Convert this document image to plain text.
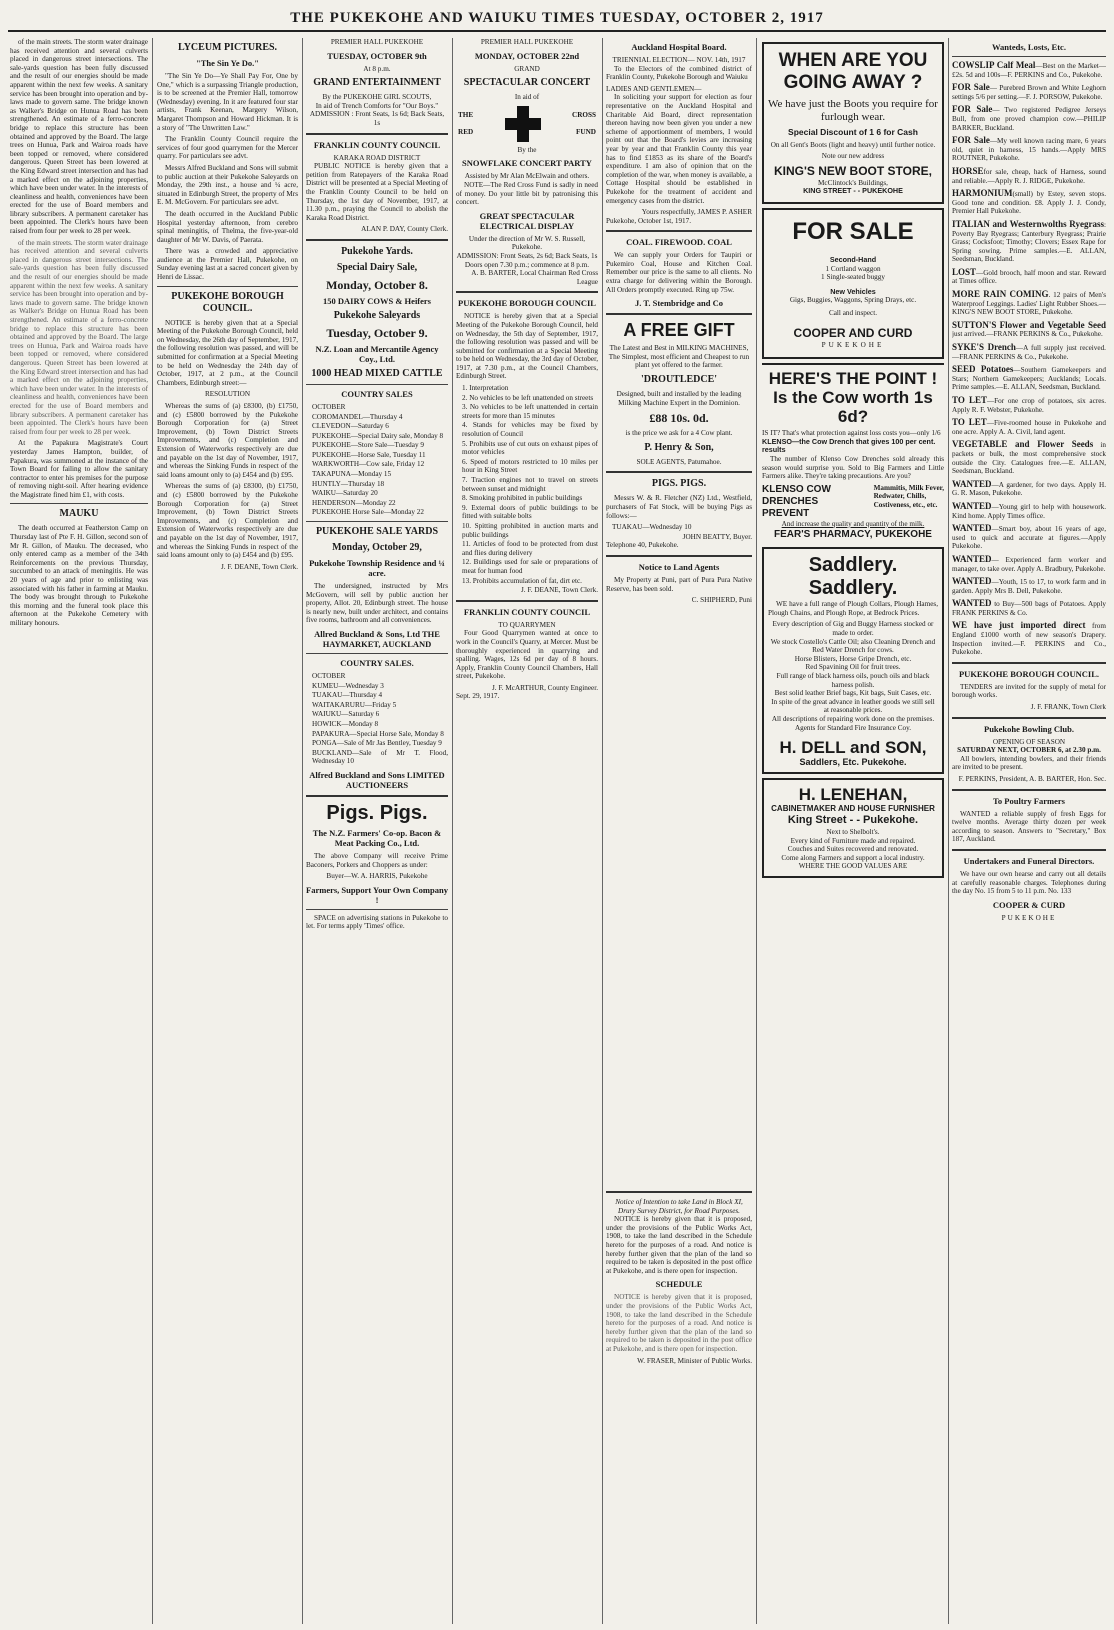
THE PUKEKOHE AND WAIUKU TIMES TUESDAY, OCTOBER 2, 1917

of the main streets. The storm water drainage has received attention and several culverts placed in dangerous street intersections. The sale-yards question has been fully discussed and the result of our energies should be made apparent within the next few weeks. A sanitary service has been brought into operation and by-laws made to govern same. The bridge known as Walker's Bridge on Hunua Road has been strengthened. An estimate of a ferro-concrete bridge to replace this structure has been obtained and approved by the Board. The large trees on Hunua, Park and Wairoa roads have been topped or removed, where considered dangerous. Queen Street has been lowered at the King Edward street intersection and has had a marked effect on the adjoining properties, which have been under water. In the interests of cleanliness and health, conveniences have been erected for the use of Board members and library subscribers. A permanent caretaker has been appointed. The Clerk's hours have been raised from four per week to 28 per week.

of the main streets. The storm water drainage has received attention and several culverts placed in dangerous street intersections. The sale-yards question has been fully discussed and the result of our energies should be made apparent within the next few weeks. A sanitary service has been brought into operation and by-laws made to govern same. The bridge known as Walker's Bridge on Hunua Road has been strengthened. An estimate of a ferro-concrete bridge to replace this structure has been obtained and approved by the Board. The large trees on Hunua, Park and Wairoa roads have been topped or removed, where considered dangerous. Queen Street has been lowered at the King Edward street intersection and has had a marked effect on the adjoining properties, which have been under water. In the interests of cleanliness and health, conveniences have been erected for the use of Board members and library subscribers. A permanent caretaker has been appointed. The Clerk's hours have been raised from four per week to 28 per week.

At the Papakura Magistrate's Court yesterday James Hampton, builder, of Papakura, was summoned at the instance of the Town Board for failing to allow the sanitary contractor to enter his premises for the purpose of removing night-soil. After hearing evidence the Magistrate fined him £1, with costs.

MAUKU

The death occurred at Featherston Camp on Thursday last of Pte F. H. Gillon, second son of Mr R. Gillon, of Mauku. The deceased, who only entered camp as a member of the 34th Reinforcements on the previous Thursday, succumbed to an attack of meningitis. He was 20 years of age and prior to enlisting was associated with his father in farming at Mauku. The body was brought through to Pukekohe this morning and the funeral took place this afternoon at the Pukekohe Cemetery with military honours.

LYCEUM PICTURES.
"The Sin Ye Do."

"The Sin Ye Do—Ye Shall Pay For, One by One," which is a surpassing Triangle production, is to be screened at the Premier Hall, tomorrow (Wednesday) evening. In it are featured four star artists, Frank Keenan, Margery Wilson, Margaret Thompson and Howard Hickman. It is a story of "The Unwritten Law."

The Franklin County Council require the services of four good quarrymen for the Mercer quarry. For particulars see advt.

Messrs Alfred Buckland and Sons will submit to public auction at their Pukekohe Saleyards on Monday, the 29th inst., a house and ¼ acre, situated in Edinburgh Street, the property of Mrs E. M. McGovern. For particulars see advt.

The death occurred in the Auckland Public Hospital yesterday afternoon, from cerebro spinal meningitis, of Thelma, the five-year-old daughter of Mr W. Davis, of Paerata.

There was a crowded and appreciative audience at the Premier Hall, Pukekohe, on Sunday evening last at a sacred concert given by Henri de Lissac.

PUKEKOHE BOROUGH COUNCIL.

NOTICE is hereby given that at a Special Meeting of the Pukekohe Borough Council, held on Wednesday, the 26th day of September, 1917, the following resolution was passed, and will be submitted for confirmation at a Special Meeting to be held on Wednesday the 24th day of October, 1917, at 2 p.m., at the Council Chambers, Edinburgh street:—

RESOLUTION

Whereas the sums of (a) £8300, (b) £1750, and (c) £5800 borrowed by the Pukekohe Borough Corporation for (a) Street Improvement, (b) Town District Streets Improvements, and (c) Completion and Extension of Waterworks respectively are due and payable on the 1st day of November, 1917, and whereas the Sinking Funds in respect of the said loans amount only to (a) £454 and (b) £95.

Whereas the sums of (a) £8300, (b) £1750, and (c) £5800 borrowed by the Pukekohe Borough Corporation for (a) Street Improvement, (b) Town District Streets Improvements, and (c) Completion and Extension of Waterworks respectively are due and payable on the 1st day of November, 1917, and whereas the Sinking Funds in respect of the said loans amount only to (a) £454 and (b) £95.

J. F. DEANE, Town Clerk.

PREMIER HALL PUKEKOHE
TUESDAY, OCTOBER 9th
At 8 p.m.
GRAND ENTERTAINMENT
By the PUKEKOHE GIRL SCOUTS,
In aid of Trench Comforts for "Our Boys."
ADMISSION : Front Seats, 1s 6d; Back Seats, 1s
FRANKLIN COUNTY COUNCIL
KARAKA ROAD DISTRICT

PUBLIC NOTICE is hereby given that a petition from Ratepayers of the Karaka Road District will be presented at a Special Meeting of the Franklin County Council to be held on Thursday, the 1st day of November, 1917, at 11.30 p.m., praying the Council to abolish the Karaka Road District.

ALAN P. DAY, County Clerk.

Pukekohe Yards.
Special Dairy Sale,
Monday, October 8.
150 DAIRY COWS & Heifers
Pukekohe Saleyards
Tuesday, October 9.
N.Z. Loan and Mercantile Agency Coy., Ltd.
1000 HEAD MIXED CATTLE
COUNTRY SALES
OCTOBER
COROMANDEL—Thursday 4
CLEVEDON—Saturday 6
PUKEKOHE—Special Dairy sale, Monday 8
PUKEKOHE—Store Sale—Tuesday 9
PUKEKOHE—Horse Sale, Tuesday 11
WARKWORTH—Cow sale, Friday 12
TAKAPUNA—Monday 15
HUNTLY—Thursday 18
WAIKU—Saturday 20
HENDERSON—Monday 22
PUKEKOHE Horse Sale—Monday 22
PUKEKOHE SALE YARDS
Monday, October 29,
Pukekohe Township Residence and ¼ acre.

The undersigned, instructed by Mrs McGovern, will sell by public auction her property, Allot. 20, Edinburgh street. The house is nearly new, built under architect, and contains five rooms, bathroom and all conveniences.

Allred Buckland & Sons, Ltd THE HAYMARKET, AUCKLAND
COUNTRY SALES.
OCTOBER
KUMEU—Wednesday 3
TUAKAU—Thursday 4
WAITAKARURU—Friday 5
WAIUKU—Saturday 6
HOWICK—Monday 8
PAPAKURA—Special Horse Sale, Monday 8
PONGA—Sale of Mr Jas Bentley, Tuesday 9
BUCKLAND—Sale of Mr T. Flood, Wednesday 10
Alfred Buckland and Sons LIMITED AUCTIONEERS
Pigs. Pigs.
The N.Z. Farmers' Co-op. Bacon & Meat Packing Co., Ltd.

The above Company will receive Prime Baconers, Porkers and Choppers as under:

Buyer—W. A. HARRIS, Pukekohe
Farmers, Support Your Own Company !

SPACE on advertising stations in Pukekohe to let. For terms apply 'Times' office.

PREMIER HALL PUKEKOHE
MONDAY, OCTOBER 22nd
GRAND
SPECTACULAR CONCERT
In aid of
THE
RED
CROSS
FUND
By the
SNOWFLAKE CONCERT PARTY
Assisted by Mr Alan McElwain and others.

NOTE—The Red Cross Fund is sadly in need of money. Do your little bit by patronising this concert.

GREAT SPECTACULAR ELECTRICAL DISPLAY
Under the direction of Mr W. S. Russell, Pukekohe.
ADMISSION: Front Seats, 2s 6d; Back Seats, 1s
Doors open 7.30 p.m.; commence at 8 p.m.
A. B. BARTER, Local Chairman Red Cross League
PUKEKOHE BOROUGH COUNCIL

NOTICE is hereby given that at a Special Meeting of the Pukekohe Borough Council, held on Wednesday, the 5th day of September, 1917, the following resolution was passed and will be submitted for confirmation at a Special Meeting to be held on Wednesday, the 3rd day of October, 1917, at 7.30 p.m., at the Council Chambers, Edinburgh Street.

1. Interpretation
2. No vehicles to be left unattended on streets
3. No vehicles to be left unattended in certain streets for more than 15 minutes
4. Stands for vehicles may be fixed by resolution of Council
5. Prohibits use of cut outs on exhaust pipes of motor vehicles
6. Speed of motors restricted to 10 miles per hour in King Street
7. Traction engines not to travel on streets between sunset and midnight
8. Smoking prohibited in public buildings
9. External doors of public buildings to be fitted with suitable bolts
10. Spitting prohibited in auction marts and public buildings
11. Articles of food to be protected from dust and flies during delivery
12. Buildings used for sale or preparations of meat for human food
13. Prohibits accumulation of fat, dirt etc.
J. F. DEANE, Town Clerk.
FRANKLIN COUNTY COUNCIL
TO QUARRYMEN

Four Good Quarrymen wanted at once to work in the Council's Quarry, at Mercer. Must be thoroughly experienced in quarrying and spalling. Wages, 12s 6d per day of 8 hours. Apply, Franklin County Council Chambers, Hall street, Pukekohe.

J. F. McARTHUR, County Engineer.
Sept. 29, 1917.
Auckland Hospital Board.
TRIENNIAL ELECTION— NOV. 14th, 1917

To the Electors of the combined district of Franklin County, Pukekohe Borough and Waiuku

LADIES AND GENTLEMEN—

In soliciting your support for election as four representative on the Auckland Hospital and Charitable Aid Board, direct representation thereon having now been given you under a new scheme of apportionment of members, I would point out that the Board's levies are increasing year by year and that Franklin County this year has to find £1853 as its share of the Board's expenditure. I am also of opinion that on the completion of the war, when money is available, a Cottage Hospital should be established in Pukekohe for the treatment of accident and emergency cases from the district.

Yours respectfully, JAMES P. ASHER
Pukekohe, October 1st, 1917.
COAL. FIREWOOD. COAL

We can supply your Orders for Taupiri or Pukemiro Coal, House and Kitchen Coal. Remember our price is the same to all clients. No extra charge for delivering within the Borough. All Orders promptly executed. Ring up 75w.

J. T. Stembridge and Co
A FREE GIFT

The Latest and Best in MILKING MACHINES, The Simplest, most efficient and Cheapest to run plant yet offered to the farmer.

'DROUTLEDCE'

Designed, built and installed by the leading Milking Machine Expert in the Dominion.

£88 10s. 0d.
is the price we ask for a 4 Cow plant.
P. Henry & Son,
SOLE AGENTS, Patumahoe.
PIGS. PIGS.

Messrs W. & R. Fletcher (NZ) Ltd., Westfield, purchasers of Fat Stock, will be buying Pigs as follows:—

TUAKAU—Wednesday 10
JOHN BEATTY, Buyer.
Telephone 40, Pukekohe.
Notice to Land Agents

My Property at Puni, part of Pura Pura Native Reserve, has been sold.

C. SHIPHERD, Puni
Notice of Intention to take Land in Block XI, Drury Survey District, for Road Purposes.

NOTICE is hereby given that it is proposed, under the provisions of the Public Works Act, 1908, to take the land described in the Schedule hereto for the purposes of a road. And notice is hereby further given that the plan of the land so required to be taken is deposited in the post office at Pukekohe, and is there open for inspection.

SCHEDULE

NOTICE is hereby given that it is proposed, under the provisions of the Public Works Act, 1908, to take the land described in the Schedule hereto for the purposes of a road. And notice is hereby further given that the plan of the land so required to be taken is deposited in the post office at Pukekohe, and is there open for inspection.

W. FRASER, Minister of Public Works.
WHEN ARE YOU GOING AWAY ?
We have just the Boots you require for furlough wear.
Special Discount of 1 6 for Cash
On all Gent's Boots (light and heavy) until further notice.
Note our new address
KING'S NEW BOOT STORE,
McClintock's Buildings,
KING STREET - - PUKEKOHE
FOR SALE
Second-Hand
1 Cortland waggon
1 Single-seated buggy
New Vehicles
Gigs, Buggies, Waggons, Spring Drays, etc.
Call and inspect.
COOPER AND CURD
PUKEKOHE
HERE'S THE POINT !
Is the Cow worth 1s 6d?
IS IT? That's what protection against loss costs you—only 1/6
KLENSO—the Cow Drench that gives 100 per cent. results

The number of Klenso Cow Drenches sold already this season would surprise you. Sold to Big Farmers and Little Farmers alike. They're taking precautions. Are you?

KLENSO COW DRENCHES PREVENT
Mammitis, Milk Fever,
Redwater, Chills,
Costiveness, etc., etc.
And increase the quality and quantity of the milk.
FEAR'S PHARMACY, PUKEKOHE
Saddlery. Saddlery.

WE have a full range of Plough Collars, Plough Hames, Plough Chains, and Plough Rope, at Bedrock Prices.

Every description of Gig and Buggy Harness stocked or made to order.
We stock Costello's Cattle Oil; also Cleaning Drench and Red Water Drench for cows.
Horse Blisters, Horse Gripe Drench, etc.
Red Spavining Oil for fruit trees.
Full range of black harness oils, pouch oils and black harness polish.
Best solid leather Brief bags, Kit bags, Suit Cases, etc.
In spite of the great advance in leather goods we still sell at reasonable prices.
All descriptions of repairing work done on the premises.
Agents for Standard Fire Insurance Coy.
H. DELL and SON,
Saddlers, Etc. Pukekohe.
H. LENEHAN,
CABINETMAKER AND HOUSE FURNISHER
King Street - - Pukekohe.
Next to Shelbolt's.
Every kind of Furniture made and repaired.
Couches and Suites recovered and renovated.
Come along Farmers and support a local industry.
WHERE THE GOOD VALUES ARE
Wanteds, Losts, Etc.

COWSLIP Calf Meal—Best on the Market—£2s. 5d and 100s—F. PERKINS and Co., Pukekohe.

FOR Sale— Purebred Brown and White Leghorn settings 5/6 per setting.—F. J. PORSOW, Pukekohe.

FOR Sale— Two registered Pedigree Jerseys Bull, from one proved champion cow.—PHILIP BARKER, Buckland.

FOR Sale—My well known racing mare, 6 years old, quiet in harness, 15 hands.—Apply MRS ROUTNER, Pukekohe.

HORSEfor sale, cheap, hack of Harness, sound and reliable.—Apply R. J. RIDGE, Pukekohe.

HARMONIUM(small) by Estey, seven stops. Good tone and condition. £8. Apply J. J. Condy, Premier Hall Pukekohe.

ITALIAN and Westernwolths Ryegrass: Poverty Bay Ryegrass; Canterbury Ryegrass; Prairie Grass; Cocksfoot; Timothy; Clovers; Essex Rape for Spring sowing. Prime samples.—E. ALLAN, Seedsman, Buckland.

LOST—Gold brooch, half moon and star. Reward at Times office.

MORE RAIN COMING. 12 pairs of Men's Waterproof Leggings. Ladies' Light Rubber Shoes.—KING'S NEW BOOT STORE, Pukekohe.

SUTTON'S Flower and Vegetable Seed just arrived.—FRANK PERKINS & Co., Pukekohe.

SYKE'S Drench—A full supply just received.—FRANK PERKINS & Co., Pukekohe.

SEED Potatoes—Southern Gamekeepers and Stars; Northern Gamekeepers; Aucklands; Locals. Prime samples.—E. ALLAN, Seedsman, Buckland.

TO LET—For one crop of potatoes, six acres. Apply R. F. Webster, Pukekohe.

TO LET—Five-roomed house in Pukekohe and one acre. Apply A. A. Civil, land agent.

VEGETABLE and Flower Seeds in packets or bulk, the most comprehensive stock outside the City. Catalogues free.—E. ALLAN, Seedsman, Buckland.

WANTED—A gardener, for two days. Apply H. G. R. Mason, Pukekohe.

WANTED—Young girl to help with housework. Kind home. Apply Times office.

WANTED—Smart boy, about 16 years of age, used to quick and accurate at figures.—Apply Pukekohe.

WANTED— Experienced farm worker and manager, to take over. Apply A. Bradbury, Pukekohe.

WANTED—Youth, 15 to 17, to work farm and in garden. Apply Mrs B. Dell, Pukekohe.

WANTED to Buy—500 bags of Potatoes. Apply FRANK PERKINS & Co.

WE have just imported direct from England £1000 worth of new season's Drapery. Inspection invited.—F. PERKINS and Co., Pukekohe.

PUKEKOHE BOROUGH COUNCIL.

TENDERS are invited for the supply of metal for borough works.

J. F. FRANK, Town Clerk
Pukekohe Bowling Club.
OPENING OF SEASON
SATURDAY NEXT, OCTOBER 6, at 2.30 p.m.

All bowlers, intending bowlers, and their friends are invited to be present.

F. PERKINS, President, A. B. BARTER, Hon. Sec.
To Poultry Farmers

WANTED a reliable supply of fresh Eggs for twelve months. Average thirty dozen per week according to season. Answers to "Secretary," Box 187, Auckland.

Undertakers and Funeral Directors.

We have our own hearse and carry out all details at carefully reasonable charges. Telephones during the day No. 15 from 5 to 11 p.m. No. 133

COOPER & CURD
PUKEKOHE
